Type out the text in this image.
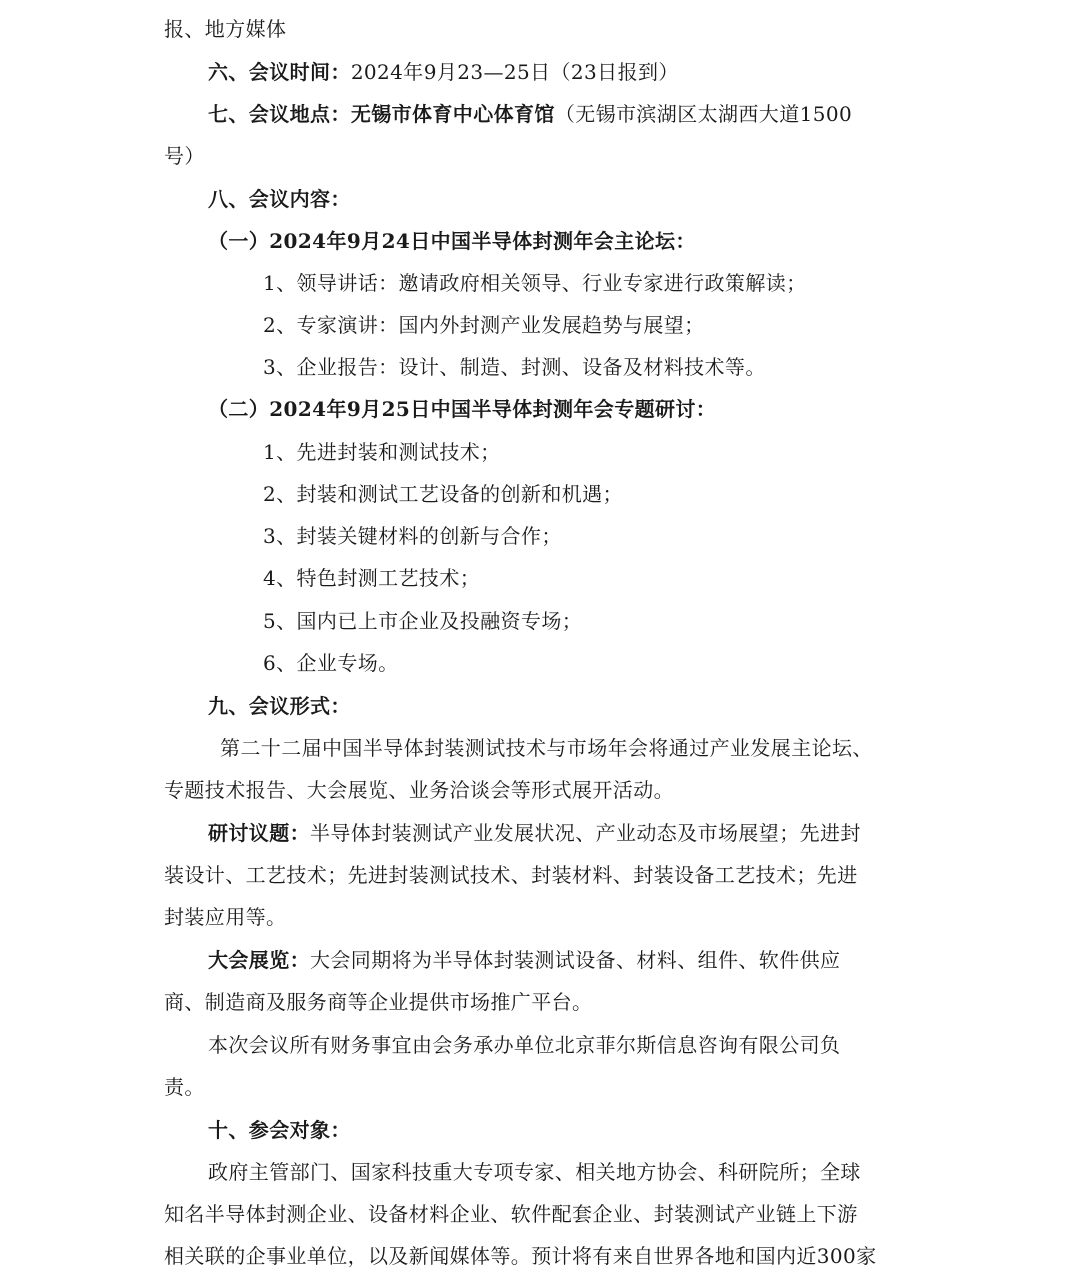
报、地方媒体
六、会议时间：2024年9月23—25日（23日报到）
七、会议地点：无锡市体育中心体育馆（无锡市滨湖区太湖西大道1500
号）
八、会议内容：
（一）2024年9月24日中国半导体封测年会主论坛：
1、领导讲话：邀请政府相关领导、行业专家进行政策解读；
2、专家演讲：国内外封测产业发展趋势与展望；
3、企业报告：设计、制造、封测、设备及材料技术等。
（二）2024年9月25日中国半导体封测年会专题研讨：
1、先进封装和测试技术；
2、封装和测试工艺设备的创新和机遇；
3、封装关键材料的创新与合作；
4、特色封测工艺技术；
5、国内已上市企业及投融资专场；
6、企业专场。
九、会议形式：
第二十二届中国半导体封装测试技术与市场年会将通过产业发展主论坛、
专题技术报告、大会展览、业务洽谈会等形式展开活动。
研讨议题：半导体封装测试产业发展状况、产业动态及市场展望；先进封
装设计、工艺技术；先进封装测试技术、封装材料、封装设备工艺技术；先进
封装应用等。
大会展览：大会同期将为半导体封装测试设备、材料、组件、软件供应
商、制造商及服务商等企业提供市场推广平台。
本次会议所有财务事宜由会务承办单位北京菲尔斯信息咨询有限公司负
责。
十、参会对象：
政府主管部门、国家科技重大专项专家、相关地方协会、科研院所；全球
知名半导体封测企业、设备材料企业、软件配套企业、封装测试产业链上下游
相关联的企事业单位，以及新闻媒体等。预计将有来自世界各地和国内近300家
